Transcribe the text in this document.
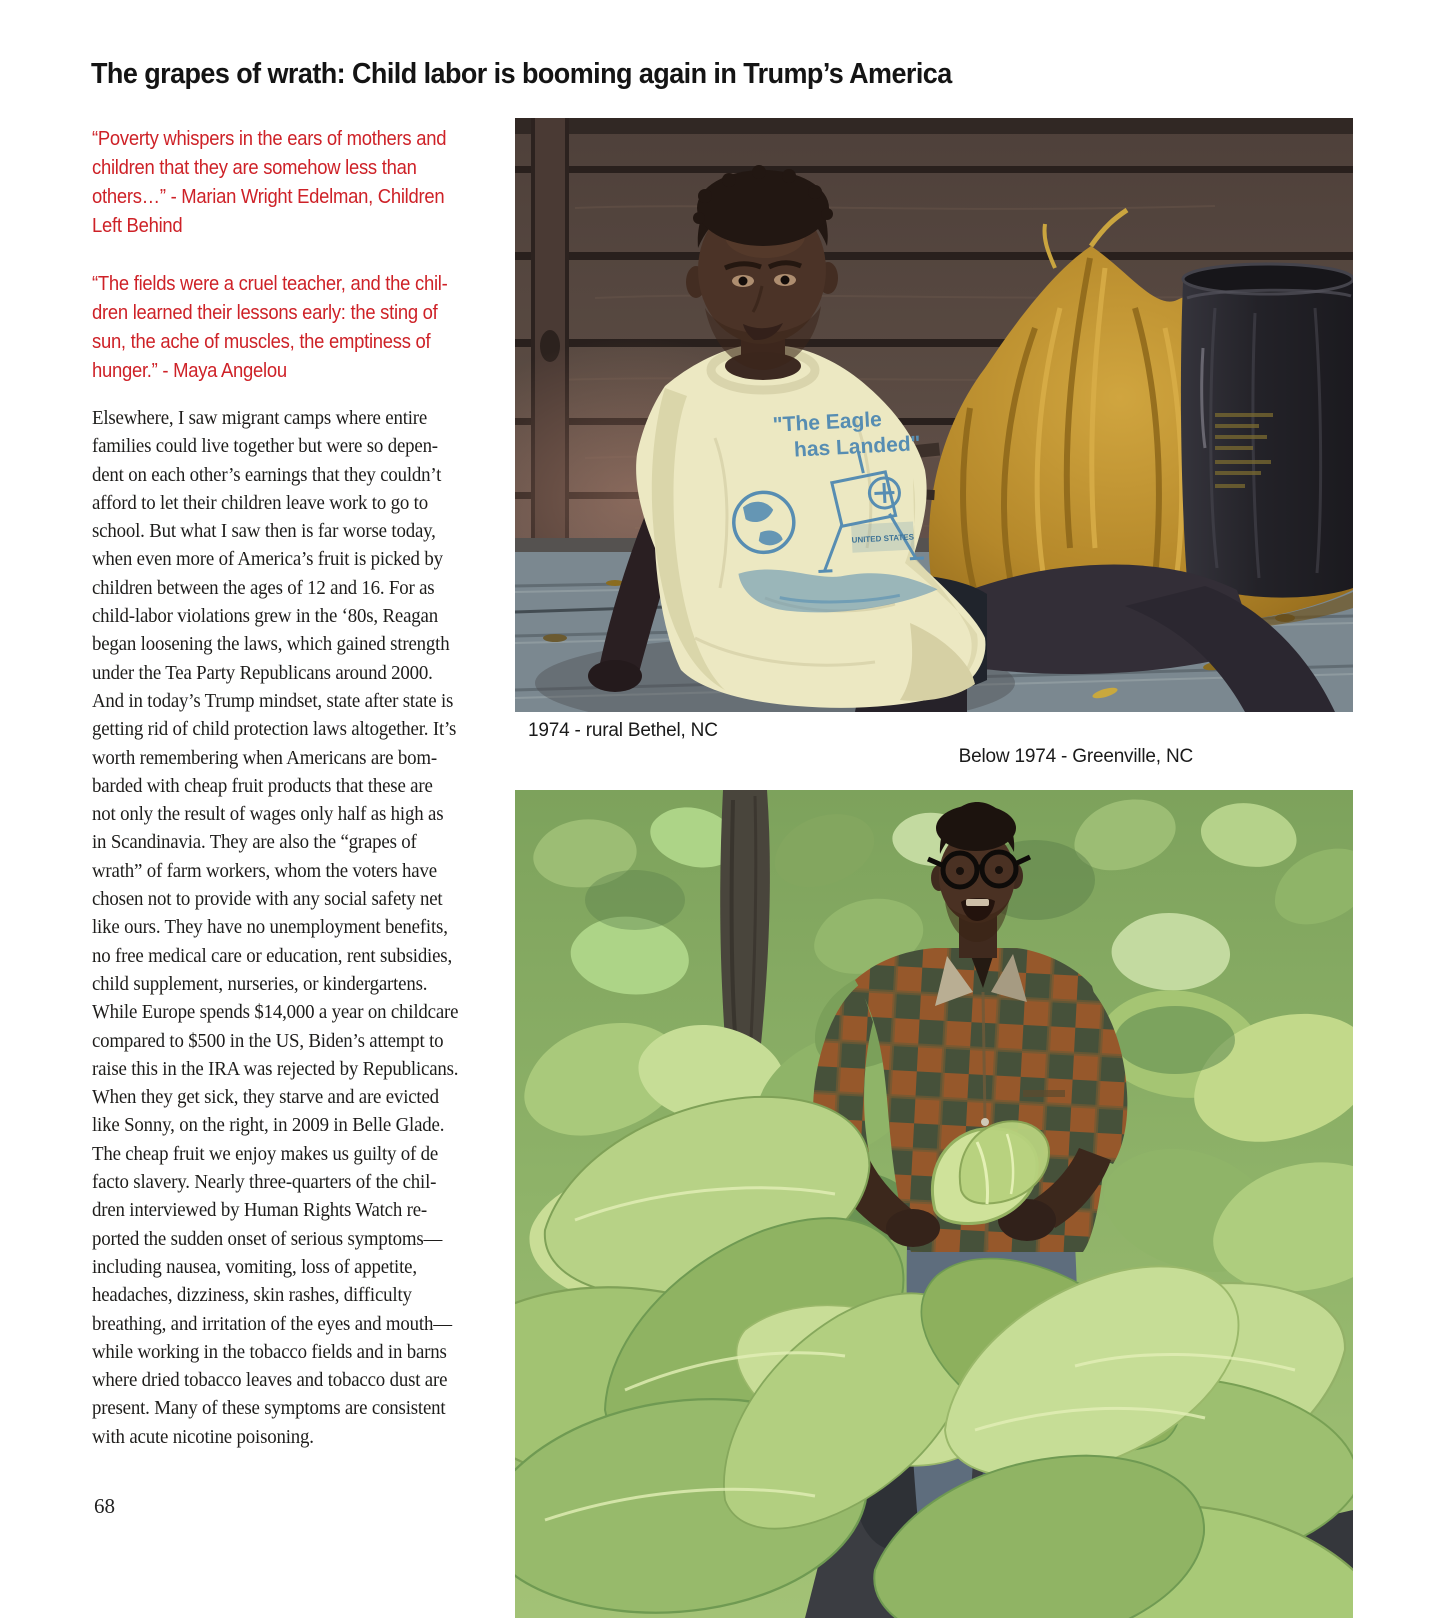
The grapes of wrath: Child labor is booming again in Trump’s America
“Poverty whispers in the ears of mothers and
children that they are somehow less than
others…” - Marian Wright Edelman, Children
Left Behind
“The fields were a cruel teacher, and the chil-
dren learned their lessons early: the sting of
sun, the ache of muscles, the emptiness of
hunger.” - Maya Angelou
Elsewhere, I saw migrant camps where entire
families could live together but were so depen-
dent on each other’s earnings that they couldn’t
afford to let their children leave work to go to
school. But what I saw then is far worse today,
when even more of America’s fruit is picked by
children between the ages of 12 and 16. For as
child-labor violations grew in the ‘80s, Reagan
began loosening the laws, which gained strength
under the Tea Party Republicans around 2000.
And in today’s Trump mindset, state after state is
getting rid of child protection laws altogether. It’s
worth remembering when Americans are bom-
barded with cheap fruit products that these are
not only the result of wages only half as high as
in Scandinavia. They are also the “grapes of
wrath” of farm workers, whom the voters have
chosen not to provide with any social safety net
like ours. They have no unemployment benefits,
no free medical care or education, rent subsidies,
child supplement, nurseries, or kindergartens.
While Europe spends $14,000 a year on childcare
compared to $500 in the US, Biden’s attempt to
raise this in the IRA was rejected by Republicans.
When they get sick, they starve and are evicted
like Sonny, on the right, in 2009 in Belle Glade.
The cheap fruit we enjoy makes us guilty of de
facto slavery. Nearly three-quarters of the chil-
dren interviewed by Human Rights Watch re-
ported the sudden onset of serious symptoms—
including nausea, vomiting, loss of appetite,
headaches, dizziness, skin rashes, difficulty
breathing, and irritation of the eyes and mouth—
while working in the tobacco fields and in barns
where dried tobacco leaves and tobacco dust are
present. Many of these symptoms are consistent
with acute nicotine poisoning.
"The Eagle
has Landed"
UNITED STATES
1974 - rural Bethel, NC
Below 1974 - Greenville, NC
68
